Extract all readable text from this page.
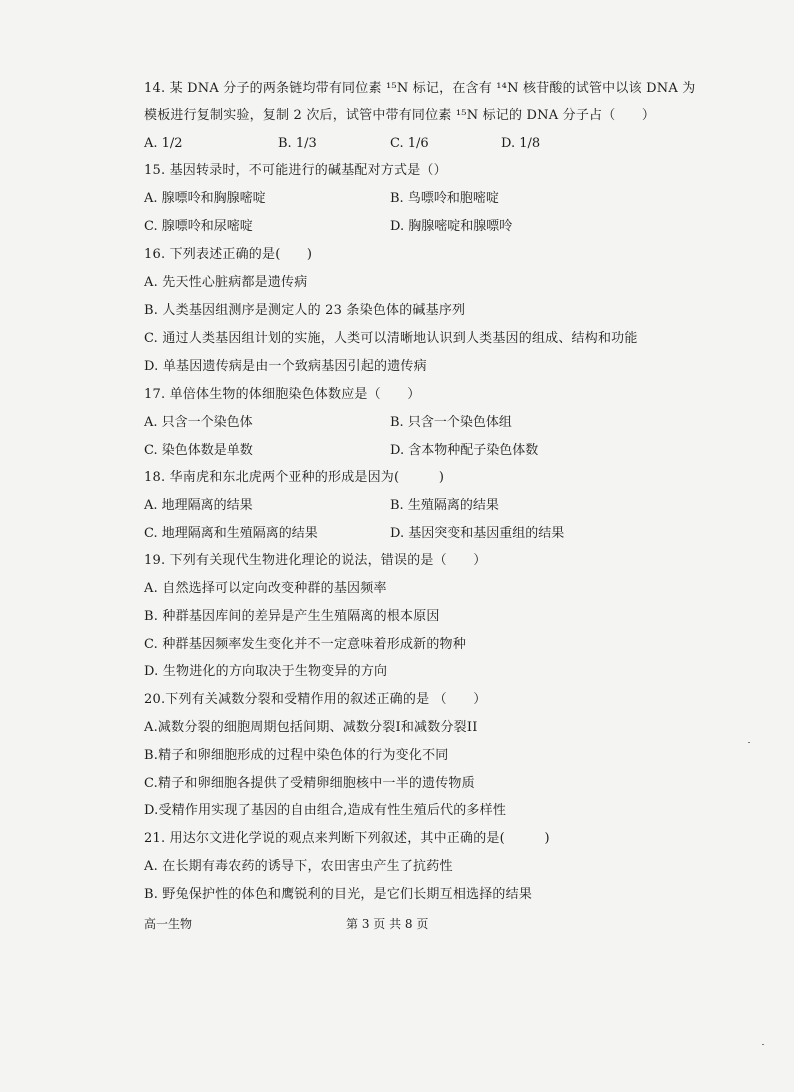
14. 某 DNA 分子的两条链均带有同位素 ¹⁵N 标记，在含有 ¹⁴N 核苷酸的试管中以该 DNA 为
模板进行复制实验，复制 2 次后，试管中带有同位素 ¹⁵N 标记的 DNA 分子占（　　）
A. 1/2	B. 1/3	C. 1/6	D. 1/8
15. 基因转录时，不可能进行的碱基配对方式是（）
A. 腺嘌呤和胸腺嘧啶	B. 鸟嘌呤和胞嘧啶
C. 腺嘌呤和尿嘧啶	D. 胸腺嘧啶和腺嘌呤
16. 下列表述正确的是(　　)
A. 先天性心脏病都是遗传病
B. 人类基因组测序是测定人的 23 条染色体的碱基序列
C. 通过人类基因组计划的实施，人类可以清晰地认识到人类基因的组成、结构和功能
D. 单基因遗传病是由一个致病基因引起的遗传病
17. 单倍体生物的体细胞染色体数应是（　　）
A. 只含一个染色体	B. 只含一个染色体组
C. 染色体数是单数	D. 含本物种配子染色体数
18. 华南虎和东北虎两个亚种的形成是因为(　　　)
A. 地理隔离的结果	B. 生殖隔离的结果
C. 地理隔离和生殖隔离的结果	D. 基因突变和基因重组的结果
19. 下列有关现代生物进化理论的说法，错误的是（　　）
A. 自然选择可以定向改变种群的基因频率
B. 种群基因库间的差异是产生生殖隔离的根本原因
C. 种群基因频率发生变化并不一定意味着形成新的物种
D. 生物进化的方向取决于生物变异的方向
20.下列有关减数分裂和受精作用的叙述正确的是 （　　）
A.减数分裂的细胞周期包括间期、减数分裂I和减数分裂II
B.精子和卵细胞形成的过程中染色体的行为变化不同
C.精子和卵细胞各提供了受精卵细胞核中一半的遗传物质
D.受精作用实现了基因的自由组合,造成有性生殖后代的多样性
21. 用达尔文进化学说的观点来判断下列叙述，其中正确的是(　　　)
A. 在长期有毒农药的诱导下，农田害虫产生了抗药性
B. 野兔保护性的体色和鹰锐利的目光，是它们长期互相选择的结果
高一生物	第 3 页 共 8 页
